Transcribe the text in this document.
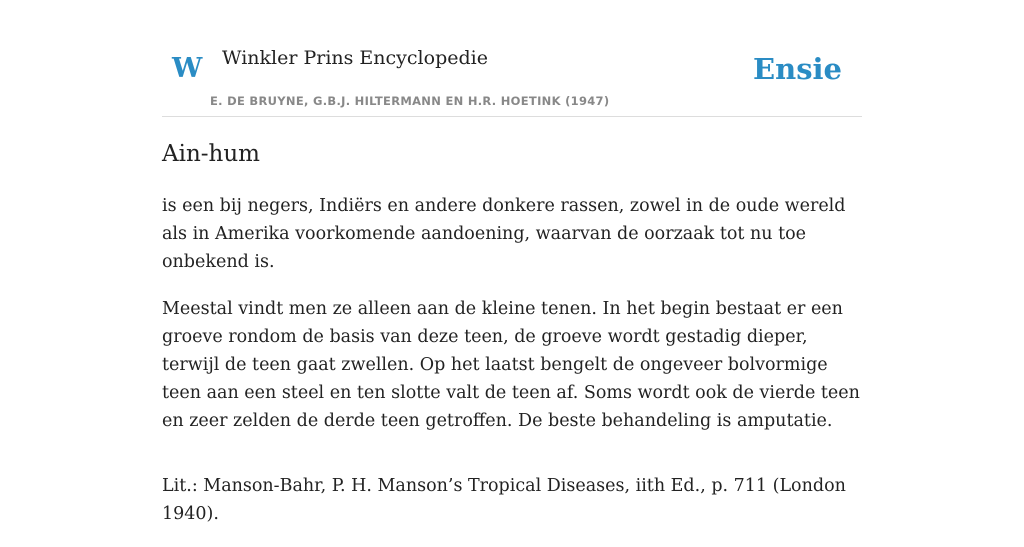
W Winkler Prins Encyclopedie
E. DE BRUYNE, G.B.J. HILTERMANN EN H.R. HOETINK (1947)
Ensie
Ain-hum

is een bij negers, Indiërs en andere donkere rassen, zowel in de oude wereld als in Amerika voorkomende aandoening, waarvan de oorzaak tot nu toe onbekend is.

Meestal vindt men ze alleen aan de kleine tenen. In het begin bestaat er een groeve rondom de basis van deze teen, de groeve wordt gestadig dieper, terwijl de teen gaat zwellen. Op het laatst bengelt de ongeveer bolvormige teen aan een steel en ten slotte valt de teen af. Soms wordt ook de vierde teen en zeer zelden de derde teen getroffen. De beste behandeling is amputatie.

Lit.: Manson-Bahr, P. H. Manson’s Tropical Diseases, iith Ed., p. 711 (London 1940).
